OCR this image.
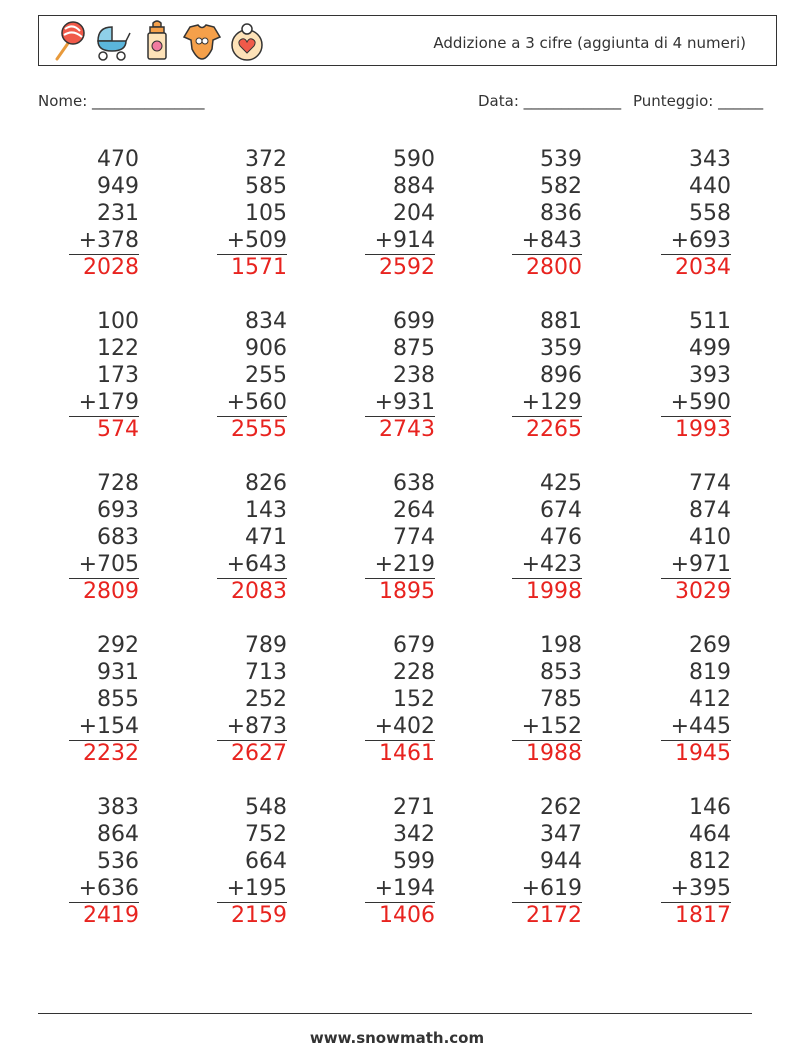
Addizione a 3 cifre (aggiunta di 4 numeri)
Nome: _______________	Data: _____________ Punteggio: ______
470
949
231
+378
2028
372
585
105
+509
1571
590
884
204
+914
2592
539
582
836
+843
2800
343
440
558
+693
2034
100
122
173
+179
574
834
906
255
+560
2555
699
875
238
+931
2743
881
359
896
+129
2265
511
499
393
+590
1993
728
693
683
+705
2809
826
143
471
+643
2083
638
264
774
+219
1895
425
674
476
+423
1998
774
874
410
+971
3029
292
931
855
+154
2232
789
713
252
+873
2627
679
228
152
+402
1461
198
853
785
+152
1988
269
819
412
+445
1945
383
864
536
+636
2419
548
752
664
+195
2159
271
342
599
+194
1406
262
347
944
+619
2172
146
464
812
+395
1817
www.snowmath.com
